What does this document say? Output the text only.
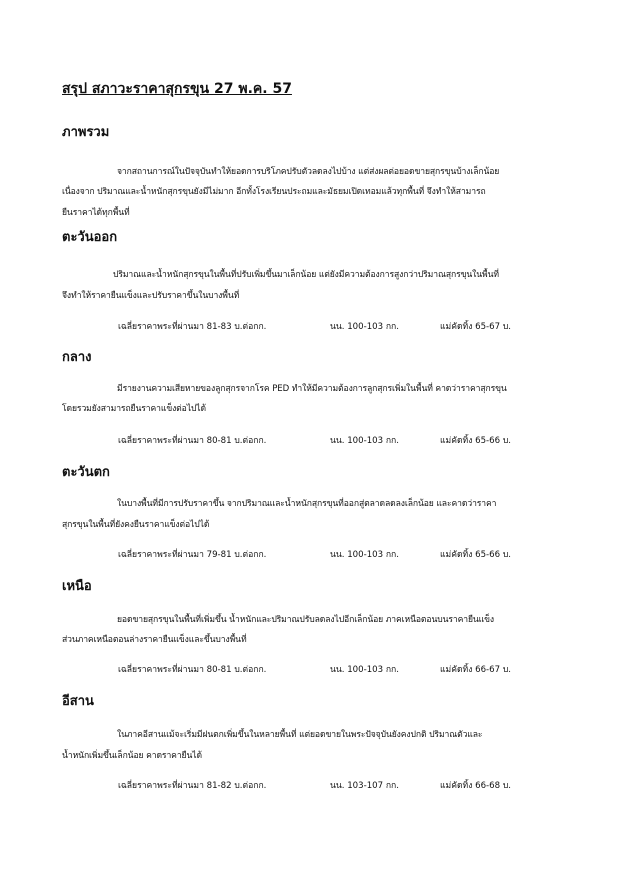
สรุป สภาวะราคาสุกรขุน 27 พ.ค. 57
ภาพรวม
จากสถานการณ์ในปัจจุบันทำให้ยอดการบริโภคปรับตัวลดลงไปบ้าง แต่ส่งผลต่อยอดขายสุกรขุนบ้างเล็กน้อย
เนื่องจาก ปริมาณและน้ำหนักสุกรขุนยังมีไม่มาก อีกทั้งโรงเรียนประถมและมัธยมเปิดเทอมแล้วทุกพื้นที่ จึงทำให้สามารถ
ยืนราคาได้ทุกพื้นที่
ตะวันออก
ปริมาณและน้ำหนักสุกรขุนในพื้นที่ปรับเพิ่มขึ้นมาเล็กน้อย แต่ยังมีความต้องการสูงกว่าปริมาณสุกรขุนในพื้นที่
จึงทำให้ราคายืนแข็งและปรับราคาขึ้นในบางพื้นที่
เฉลี่ยราคาพระที่ผ่านมา 81-83 บ.ต่อกก.	นน. 100-103 กก.	แม่คัดทิ้ง 65-67 บ.
กลาง
มีรายงานความเสียหายของลูกสุกรจากโรค PED ทำให้มีความต้องการลูกสุกรเพิ่มในพื้นที่ คาดว่าราคาสุกรขุน
โดยรวมยังสามารถยืนราคาแข็งต่อไปได้
เฉลี่ยราคาพระที่ผ่านมา 80-81 บ.ต่อกก.	นน. 100-103 กก.	แม่คัดทิ้ง 65-66 บ.
ตะวันตก
ในบางพื้นที่มีการปรับราคาขึ้น จากปริมาณและน้ำหนักสุกรขุนที่ออกสู่ตลาดลดลงเล็กน้อย และคาดว่าราคา
สุกรขุนในพื้นที่ยังคงยืนราคาแข็งต่อไปได้
เฉลี่ยราคาพระที่ผ่านมา 79-81 บ.ต่อกก.	นน. 100-103 กก.	แม่คัดทิ้ง 65-66 บ.
เหนือ
ยอดขายสุกรขุนในพื้นที่เพิ่มขึ้น น้ำหนักและปริมาณปรับลดลงไปอีกเล็กน้อย ภาคเหนือตอนบนราคายืนแข็ง
ส่วนภาคเหนือตอนล่างราคายืนแข็งและขึ้นบางพื้นที่
เฉลี่ยราคาพระที่ผ่านมา 80-81 บ.ต่อกก.	นน. 100-103 กก.	แม่คัดทิ้ง 66-67 บ.
อีสาน
ในภาคอีสานแม้จะเริ่มมีฝนตกเพิ่มขึ้นในหลายพื้นที่ แต่ยอดขายในพระปัจจุบันยังคงปกติ ปริมาณตัวและ
น้ำหนักเพิ่มขึ้นเล็กน้อย คาดราคายืนได้
เฉลี่ยราคาพระที่ผ่านมา 81-82 บ.ต่อกก.	นน. 103-107 กก.	แม่คัดทิ้ง 66-68 บ.
